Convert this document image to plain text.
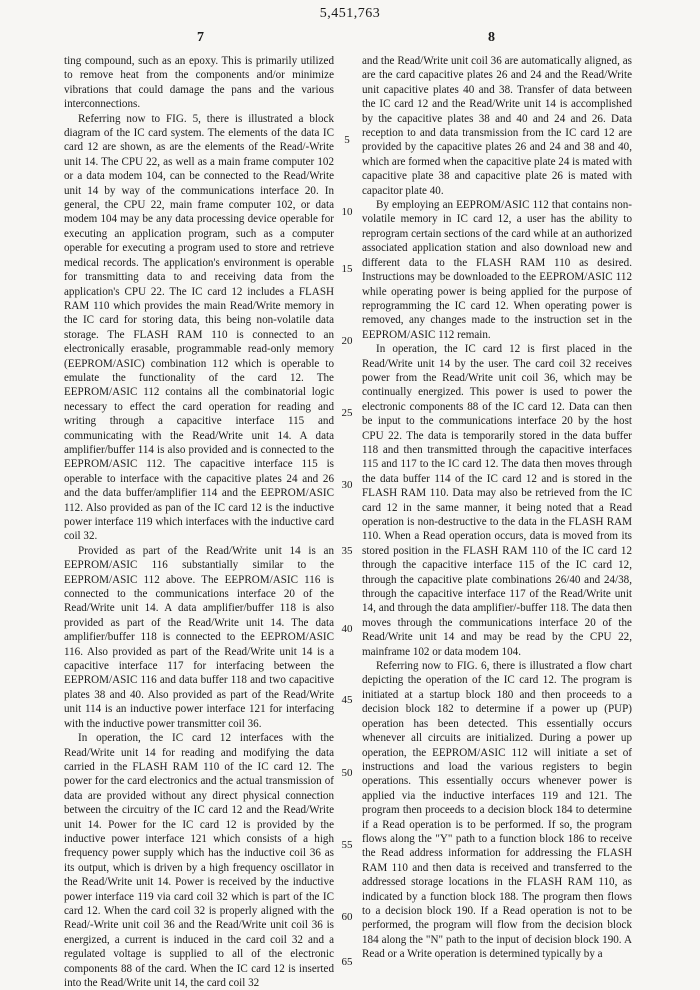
5,451,763
7	8

ting compound, such as an epoxy. This is primarily utilized to remove heat from the components and/or minimize vibrations that could damage the pans and the various interconnections.

Referring now to FIG. 5, there is illustrated a block diagram of the IC card system. The elements of the data IC card 12 are shown, as are the elements of the Read/-Write unit 14. The CPU 22, as well as a main frame computer 102 or a data modem 104, can be connected to the Read/Write unit 14 by way of the communications interface 20. In general, the CPU 22, main frame computer 102, or data modem 104 may be any data processing device operable for executing an application program, such as a computer operable for executing a program used to store and retrieve medical records. The application's environment is operable for transmitting data to and receiving data from the application's CPU 22. The IC card 12 includes a FLASH RAM 110 which provides the main Read/Write memory in the IC card for storing data, this being non-volatile data storage. The FLASH RAM 110 is connected to an electronically erasable, programmable read-only memory (EEPROM/ASIC) combination 112 which is operable to emulate the functionality of the card 12. The EEPROM/ASIC 112 contains all the combinatorial logic necessary to effect the card operation for reading and writing through a capacitive interface 115 and communicating with the Read/Write unit 14. A data amplifier/buffer 114 is also provided and is connected to the EEPROM/ASIC 112. The capacitive interface 115 is operable to interface with the capacitive plates 24 and 26 and the data buffer/amplifier 114 and the EEPROM/ASIC 112. Also provided as pan of the IC card 12 is the inductive power interface 119 which interfaces with the inductive card coil 32.

Provided as part of the Read/Write unit 14 is an EEPROM/ASIC 116 substantially similar to the EEPROM/ASIC 112 above. The EEPROM/ASIC 116 is connected to the communications interface 20 of the Read/Write unit 14. A data amplifier/buffer 118 is also provided as part of the Read/Write unit 14. The data amplifier/buffer 118 is connected to the EEPROM/ASIC 116. Also provided as part of the Read/Write unit 14 is a capacitive interface 117 for interfacing between the EEPROM/ASIC 116 and data buffer 118 and two capacitive plates 38 and 40. Also provided as part of the Read/Write unit 114 is an inductive power interface 121 for interfacing with the inductive power transmitter coil 36.

In operation, the IC card 12 interfaces with the Read/Write unit 14 for reading and modifying the data carried in the FLASH RAM 110 of the IC card 12. The power for the card electronics and the actual transmission of data are provided without any direct physical connection between the circuitry of the IC card 12 and the Read/Write unit 14. Power for the IC card 12 is provided by the inductive power interface 121 which consists of a high frequency power supply which has the inductive coil 36 as its output, which is driven by a high frequency oscillator in the Read/Write unit 14. Power is received by the inductive power interface 119 via card coil 32 which is part of the IC card 12. When the card coil 32 is properly aligned with the Read/-Write unit coil 36 and the Read/Write unit coil 36 is energized, a current is induced in the card coil 32 and a regulated voltage is supplied to all of the electronic components 88 of the card. When the IC card 12 is inserted into the Read/Write unit 14, the card coil 32

and the Read/Write unit coil 36 are automatically aligned, as are the card capacitive plates 26 and 24 and the Read/Write unit capacitive plates 40 and 38. Transfer of data between the IC card 12 and the Read/Write unit 14 is accomplished by the capacitive plates 38 and 40 and 24 and 26. Data reception to and data transmission from the IC card 12 are provided by the capacitive plates 26 and 24 and 38 and 40, which are formed when the capacitive plate 24 is mated with capacitive plate 38 and capacitive plate 26 is mated with capacitor plate 40.

By employing an EEPROM/ASIC 112 that contains non-volatile memory in IC card 12, a user has the ability to reprogram certain sections of the card while at an authorized associated application station and also download new and different data to the FLASH RAM 110 as desired. Instructions may be downloaded to the EEPROM/ASIC 112 while operating power is being applied for the purpose of reprogramming the IC card 12. When operating power is removed, any changes made to the instruction set in the EEPROM/ASIC 112 remain.

In operation, the IC card 12 is first placed in the Read/Write unit 14 by the user. The card coil 32 receives power from the Read/Write unit coil 36, which may be continually energized. This power is used to power the electronic components 88 of the IC card 12. Data can then be input to the communications interface 20 by the host CPU 22. The data is temporarily stored in the data buffer 118 and then transmitted through the capacitive interfaces 115 and 117 to the IC card 12. The data then moves through the data buffer 114 of the IC card 12 and is stored in the FLASH RAM 110. Data may also be retrieved from the IC card 12 in the same manner, it being noted that a Read operation is non-destructive to the data in the FLASH RAM 110. When a Read operation occurs, data is moved from its stored position in the FLASH RAM 110 of the IC card 12 through the capacitive interface 115 of the IC card 12, through the capacitive plate combinations 26/40 and 24/38, through the capacitive interface 117 of the Read/Write unit 14, and through the data amplifier/-buffer 118. The data then moves through the communications interface 20 of the Read/Write unit 14 and may be read by the CPU 22, mainframe 102 or data modem 104.

Referring now to FIG. 6, there is illustrated a flow chart depicting the operation of the IC card 12. The program is initiated at a startup block 180 and then proceeds to a decision block 182 to determine if a power up (PUP) operation has been detected. This essentially occurs whenever all circuits are initialized. During a power up operation, the EEPROM/ASIC 112 will initiate a set of instructions and load the various registers to begin operations. This essentially occurs whenever power is applied via the inductive interfaces 119 and 121. The program then proceeds to a decision block 184 to determine if a Read operation is to be performed. If so, the program flows along the "Y" path to a function block 186 to receive the Read address information for addressing the FLASH RAM 110 and then data is received and transferred to the addressed storage locations in the FLASH RAM 110, as indicated by a function block 188. The program then flows to a decision block 190. If a Read operation is not to be performed, the program will flow from the decision block 184 along the "N" path to the input of decision block 190. A Read or a Write operation is determined typically by a

5
10
15
20
25
30
35
40
45
50
55
60
65
